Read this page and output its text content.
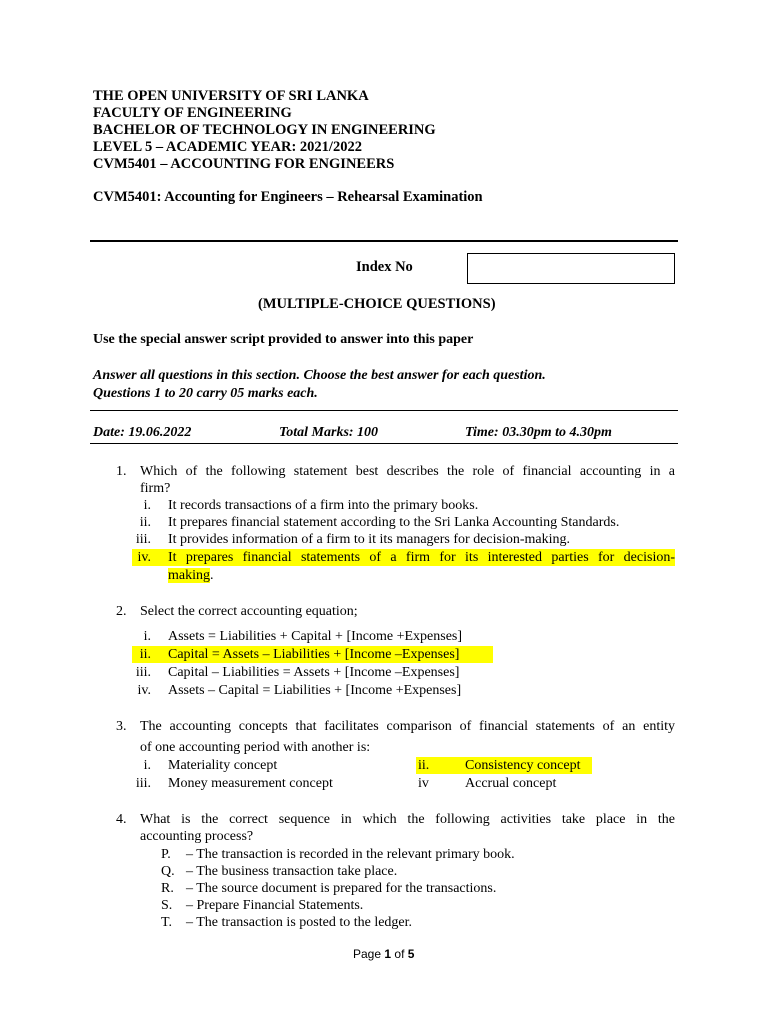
THE OPEN UNIVERSITY OF SRI LANKA
FACULTY OF ENGINEERING
BACHELOR OF TECHNOLOGY IN ENGINEERING
LEVEL 5 – ACADEMIC YEAR: 2021/2022
CVM5401 – ACCOUNTING FOR ENGINEERS
CVM5401: Accounting for Engineers – Rehearsal Examination
Index No
(MULTIPLE-CHOICE QUESTIONS)
Use the special answer script provided to answer into this paper
Answer all questions in this section. Choose the best answer for each question.
Questions 1 to 20 carry 05 marks each.
Date: 19.06.2022	Total Marks: 100	Time: 03.30pm to 4.30pm
1. Which of the following statement best describes the role of financial accounting in a
firm?
i. It records transactions of a firm into the primary books.
ii. It prepares financial statement according to the Sri Lanka Accounting Standards.
iii. It provides information of a firm to it its managers for decision-making.
iv. It prepares financial statements of a firm for its interested parties for decision-
making.
2. Select the correct accounting equation;
i. Assets = Liabilities + Capital + [Income +Expenses]
ii. Capital = Assets – Liabilities + [Income –Expenses]
iii. Capital – Liabilities = Assets + [Income –Expenses]
iv. Assets – Capital = Liabilities + [Income +Expenses]
3. The accounting concepts that facilitates comparison of financial statements of an entity
of one accounting period with another is:
i. Materiality concept	ii.	Consistency concept
iii. Money measurement concept	iv	Accrual concept
4. What is the correct sequence in which the following activities take place in the
accounting process?
P. – The transaction is recorded in the relevant primary book.
Q. – The business transaction take place.
R. – The source document is prepared for the transactions.
S. – Prepare Financial Statements.
T. – The transaction is posted to the ledger.
Page 1 of 5
